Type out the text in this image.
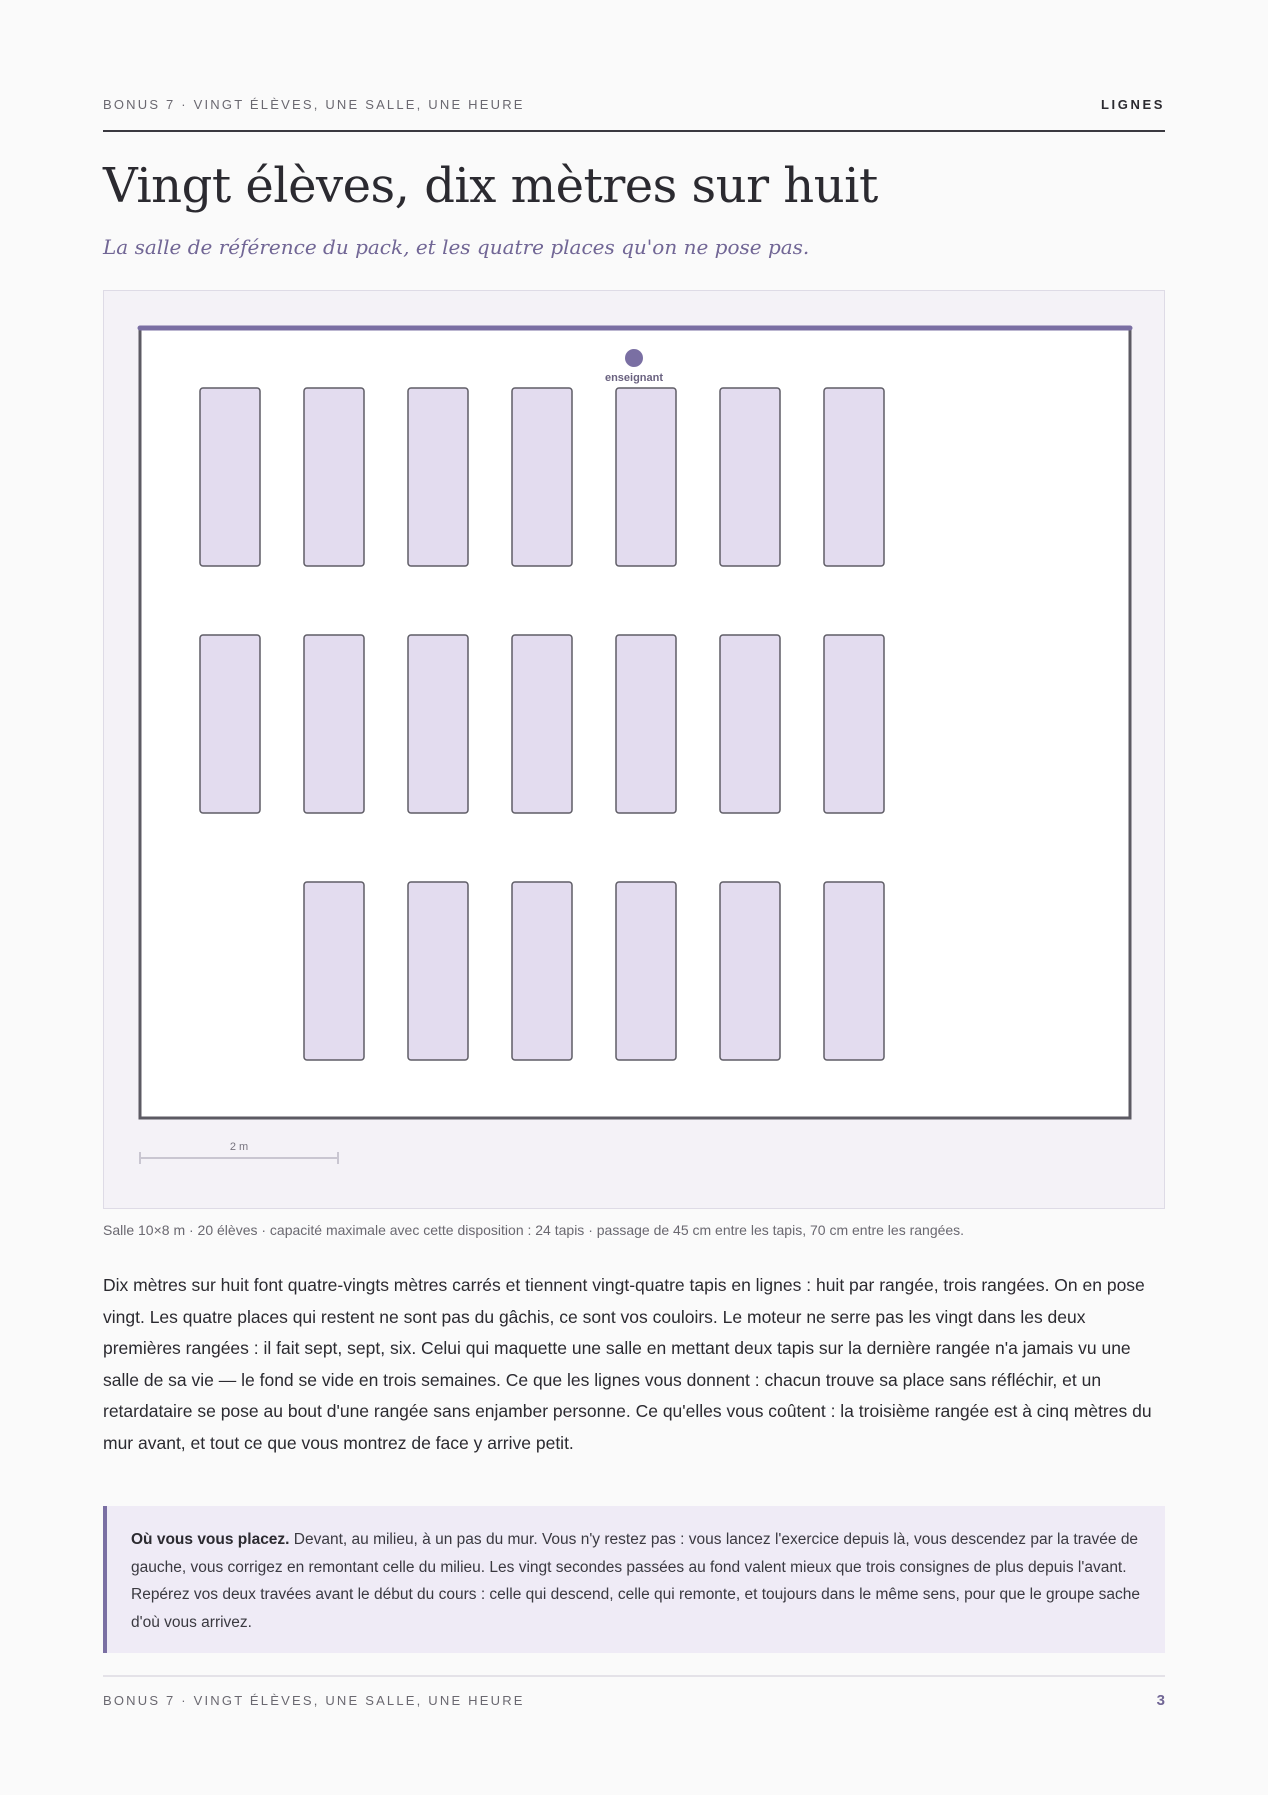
BONUS 7 · VINGT ÉLÈVES, UNE SALLE, UNE HEURE	LIGNES
Vingt élèves, dix mètres sur huit

La salle de référence du pack, et les quatre places qu'on ne pose pas.

enseignant
2 m
Salle 10×8 m · 20 élèves · capacité maximale avec cette disposition : 24 tapis · passage de 45 cm entre les tapis, 70 cm entre les rangées.

Dix mètres sur huit font quatre-vingts mètres carrés et tiennent vingt-quatre tapis en lignes : huit par rangée, trois rangées. On en pose vingt. Les quatre places qui restent ne sont pas du gâchis, ce sont vos couloirs. Le moteur ne serre pas les vingt dans les deux premières rangées : il fait sept, sept, six. Celui qui maquette une salle en mettant deux tapis sur la dernière rangée n'a jamais vu une salle de sa vie — le fond se vide en trois semaines. Ce que les lignes vous donnent : chacun trouve sa place sans réfléchir, et un retardataire se pose au bout d'une rangée sans enjamber personne. Ce qu'elles vous coûtent : la troisième rangée est à cinq mètres du mur avant, et tout ce que vous montrez de face y arrive petit.

Où vous vous placez. Devant, au milieu, à un pas du mur. Vous n'y restez pas : vous lancez l'exercice depuis là, vous descendez par la travée de gauche, vous corrigez en remontant celle du milieu. Les vingt secondes passées au fond valent mieux que trois consignes de plus depuis l'avant. Repérez vos deux travées avant le début du cours : celle qui descend, celle qui remonte, et toujours dans le même sens, pour que le groupe sache d'où vous arrivez.
BONUS 7 · VINGT ÉLÈVES, UNE SALLE, UNE HEURE	3
